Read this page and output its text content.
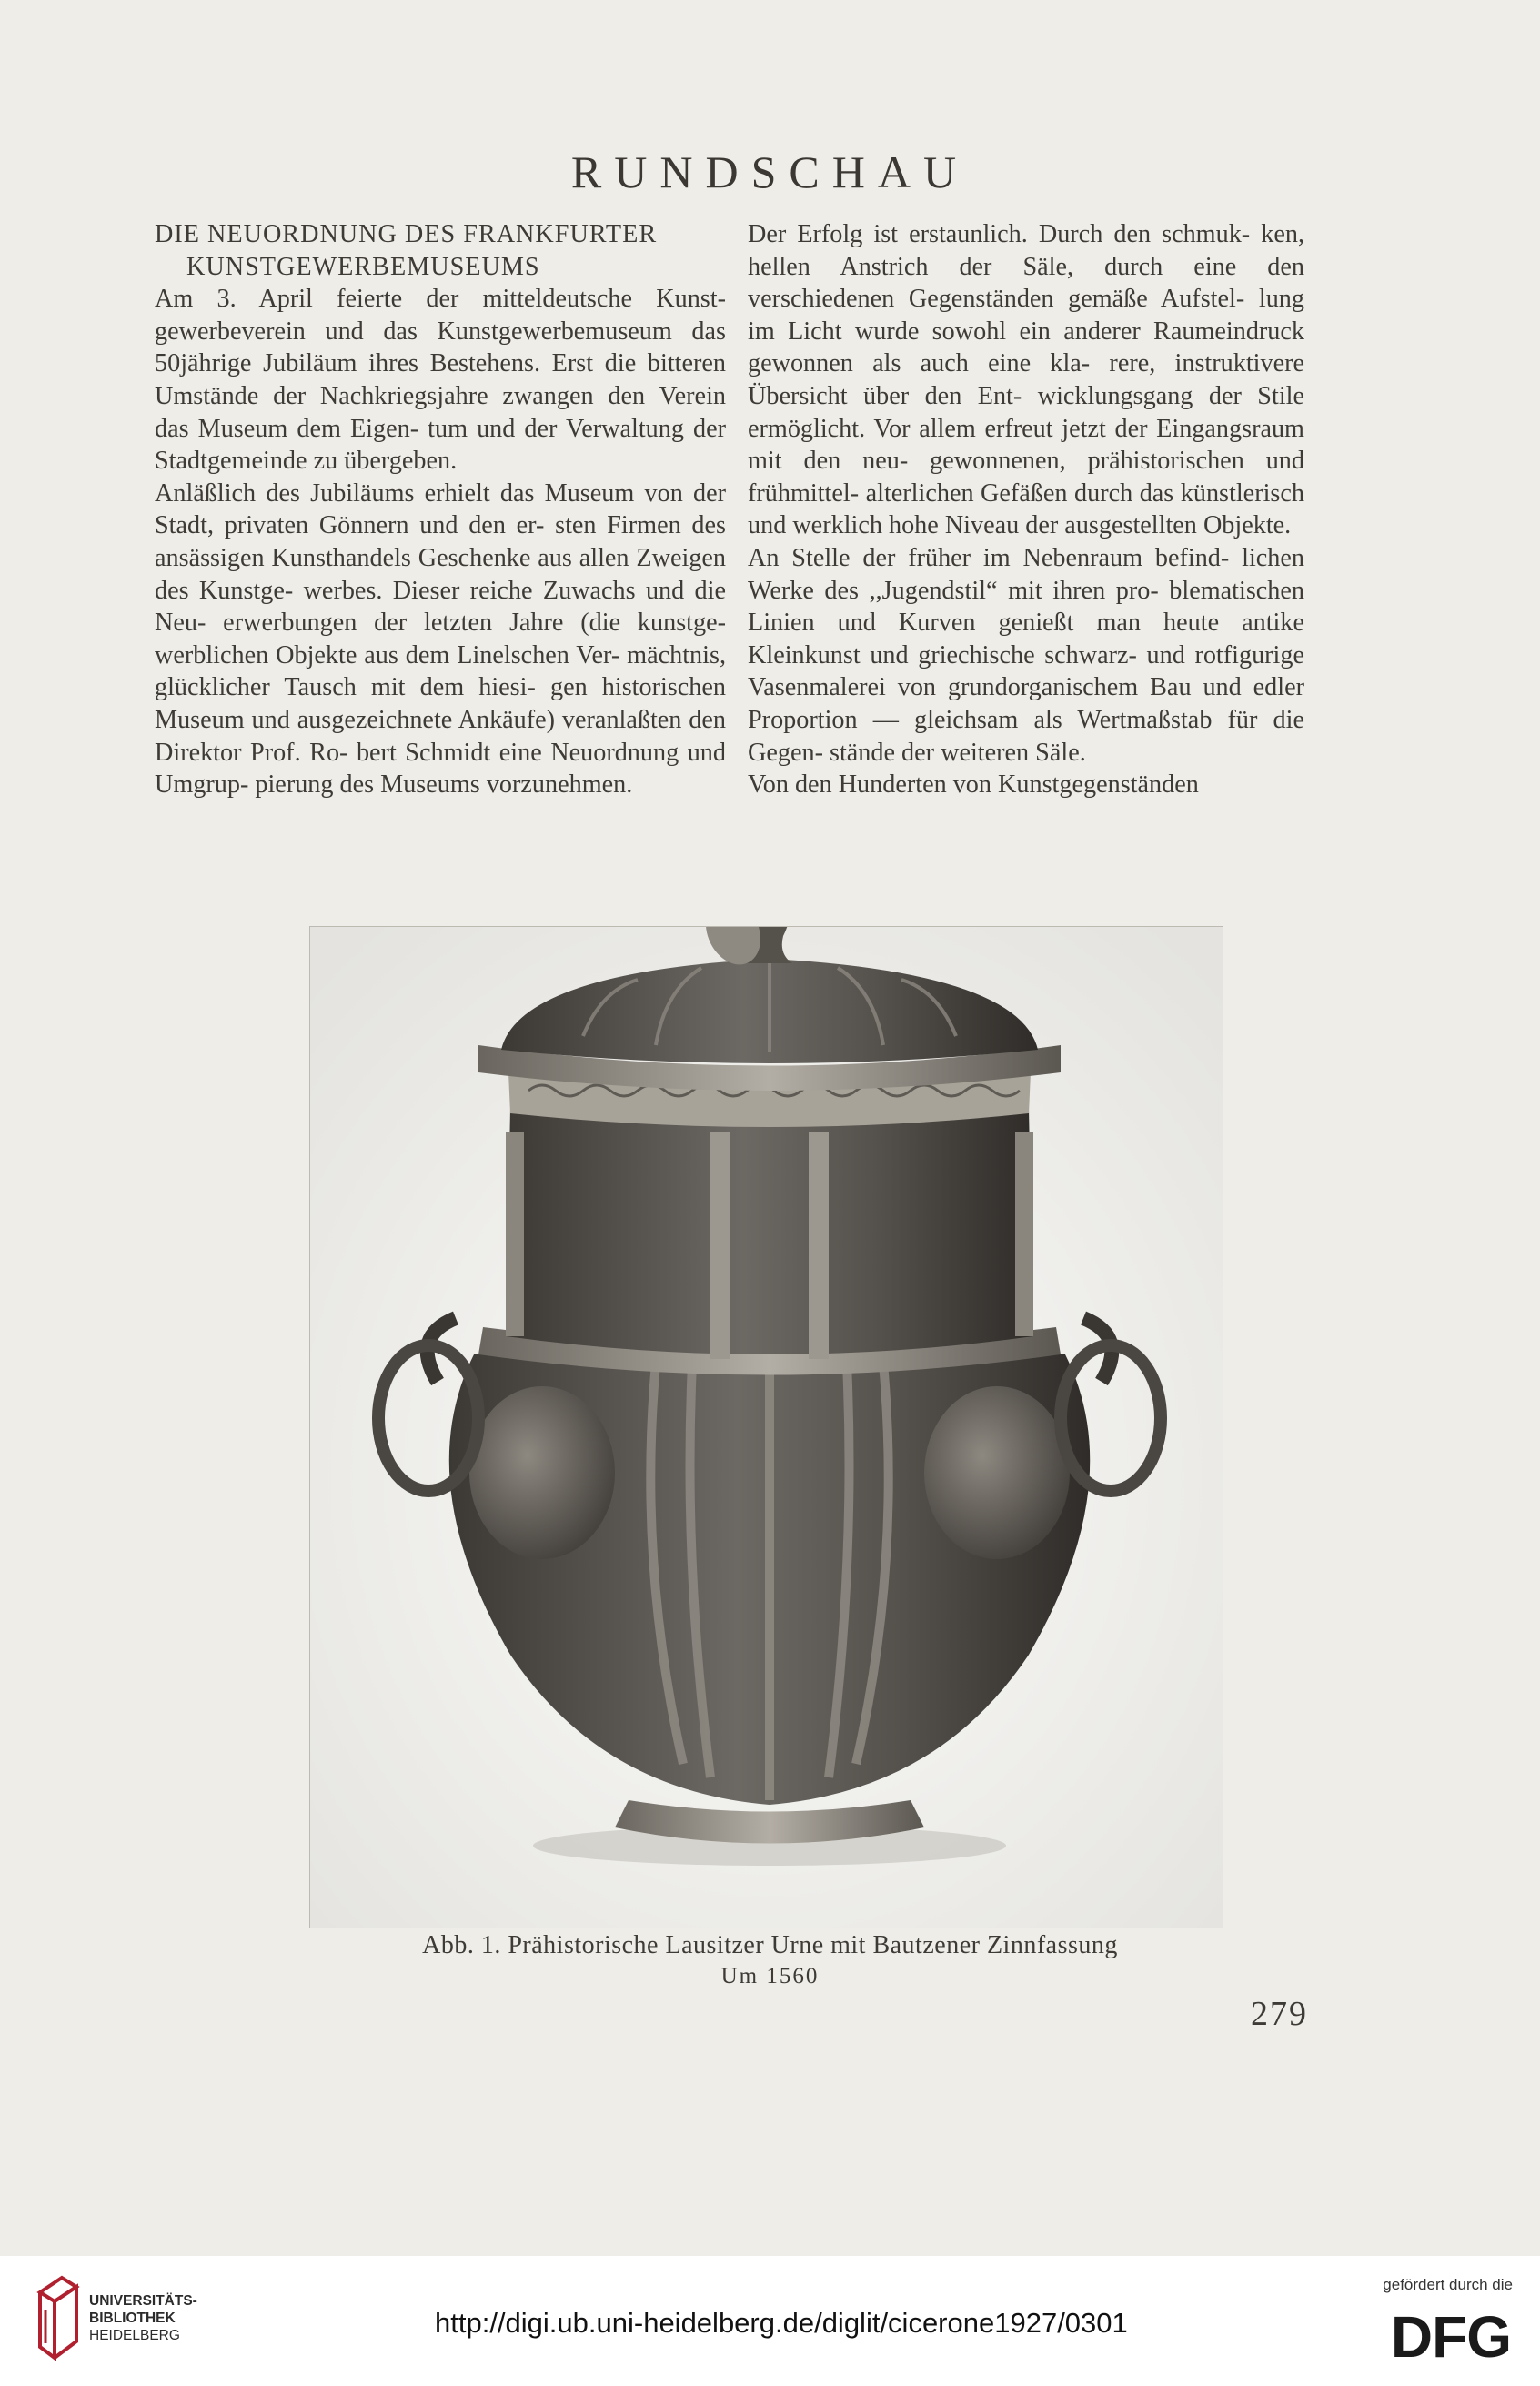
RUNDSCHAU
DIE NEUORDNUNG DES FRANKFURTER
KUNSTGEWERBEMUSEUMS

Am 3. April feierte der mitteldeutsche Kunst- gewerbeverein und das Kunstgewerbemuseum das 50jährige Jubiläum ihres Bestehens. Erst die bitteren Umstände der Nachkriegsjahre zwangen den Verein das Museum dem Eigen- tum und der Verwaltung der Stadtgemeinde zu übergeben.

Anläßlich des Jubiläums erhielt das Museum von der Stadt, privaten Gönnern und den er- sten Firmen des ansässigen Kunsthandels Geschenke aus allen Zweigen des Kunstge- werbes. Dieser reiche Zuwachs und die Neu- erwerbungen der letzten Jahre (die kunstge- werblichen Objekte aus dem Linelschen Ver- mächtnis, glücklicher Tausch mit dem hiesi- gen historischen Museum und ausgezeichnete Ankäufe) veranlaßten den Direktor Prof. Ro- bert Schmidt eine Neuordnung und Umgrup- pierung des Museums vorzunehmen.

Der Erfolg ist erstaunlich. Durch den schmuk- ken, hellen Anstrich der Säle, durch eine den verschiedenen Gegenständen gemäße Aufstel- lung im Licht wurde sowohl ein anderer Raumeindruck gewonnen als auch eine kla- rere, instruktivere Übersicht über den Ent- wicklungsgang der Stile ermöglicht. Vor allem erfreut jetzt der Eingangsraum mit den neu- gewonnenen, prähistorischen und frühmittel- alterlichen Gefäßen durch das künstlerisch und werklich hohe Niveau der ausgestellten Objekte.

An Stelle der früher im Nebenraum befind- lichen Werke des ,,Jugendstil“ mit ihren pro- blematischen Linien und Kurven genießt man heute antike Kleinkunst und griechische schwarz- und rotfigurige Vasenmalerei von grundorganischem Bau und edler Proportion — gleichsam als Wertmaßstab für die Gegen- stände der weiteren Säle.

Von den Hunderten von Kunstgegenständen

Abb. 1. Prähistorische Lausitzer Urne mit Bautzener Zinnfassung
Um 1560
279
UNIVERSITÄTS-
BIBLIOTHEK
HEIDELBERG	http://digi.ub.uni-heidelberg.de/diglit/cicerone1927/0301
gefördert durch die
DFG
